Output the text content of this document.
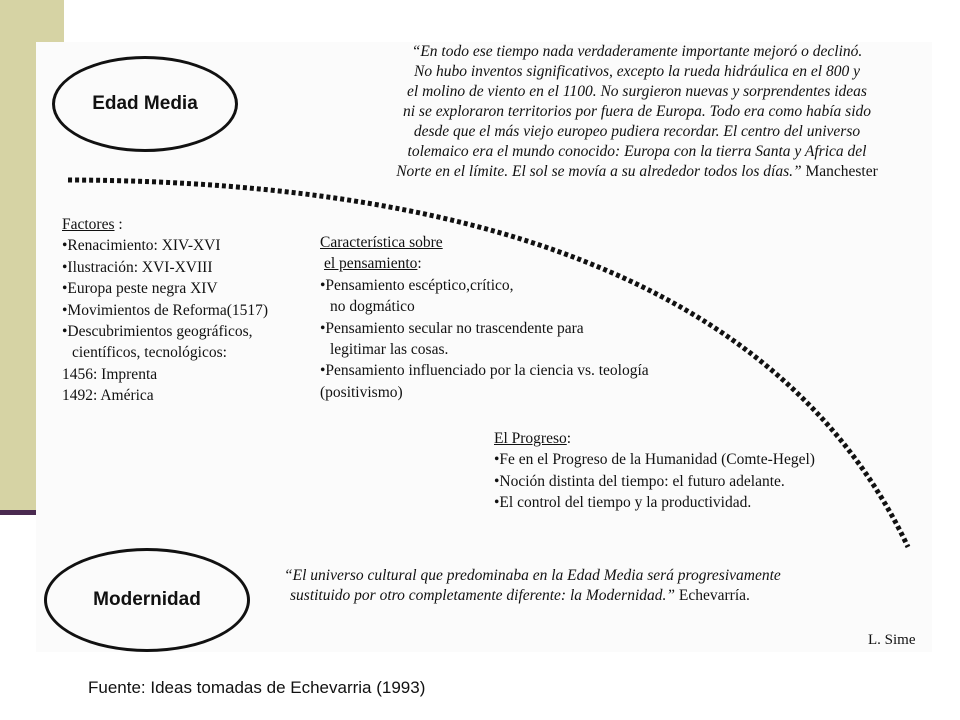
Edad Media
“En todo ese tiempo nada verdaderamente importante mejoró o declinó.
No hubo inventos significativos, excepto la rueda hidráulica en el 800 y
el molino de viento en el 1100. No surgieron nuevas y sorprendentes ideas
ni se exploraron territorios por fuera de Europa. Todo era como había sido
desde que el más viejo europeo pudiera recordar. El centro del universo
tolemaico era el mundo conocido: Europa con la tierra Santa y Africa del
Norte en el límite. El sol se movía a su alrededor todos los días.” Manchester
Factores :
•Renacimiento: XIV-XVI
•Ilustración: XVI-XVIII
•Europa peste negra XIV
•Movimientos de Reforma(1517)
•Descubrimientos geográficos,
científicos, tecnológicos:
1456: Imprenta
1492: América
Característica sobre
el pensamiento:
•Pensamiento escéptico,crítico,
no dogmático
•Pensamiento secular no trascendente para
legitimar las cosas.
•Pensamiento influenciado por la ciencia vs. teología
(positivismo)
El Progreso:
•Fe en el Progreso de la Humanidad (Comte-Hegel)
•Noción distinta del tiempo: el futuro adelante.
•El control del tiempo y la productividad.
Modernidad
“El universo cultural que predominaba en la Edad Media será progresivamente
sustituido por otro completamente diferente: la Modernidad.” Echevarría.
L. Sime
Fuente: Ideas tomadas de Echevarria (1993)
